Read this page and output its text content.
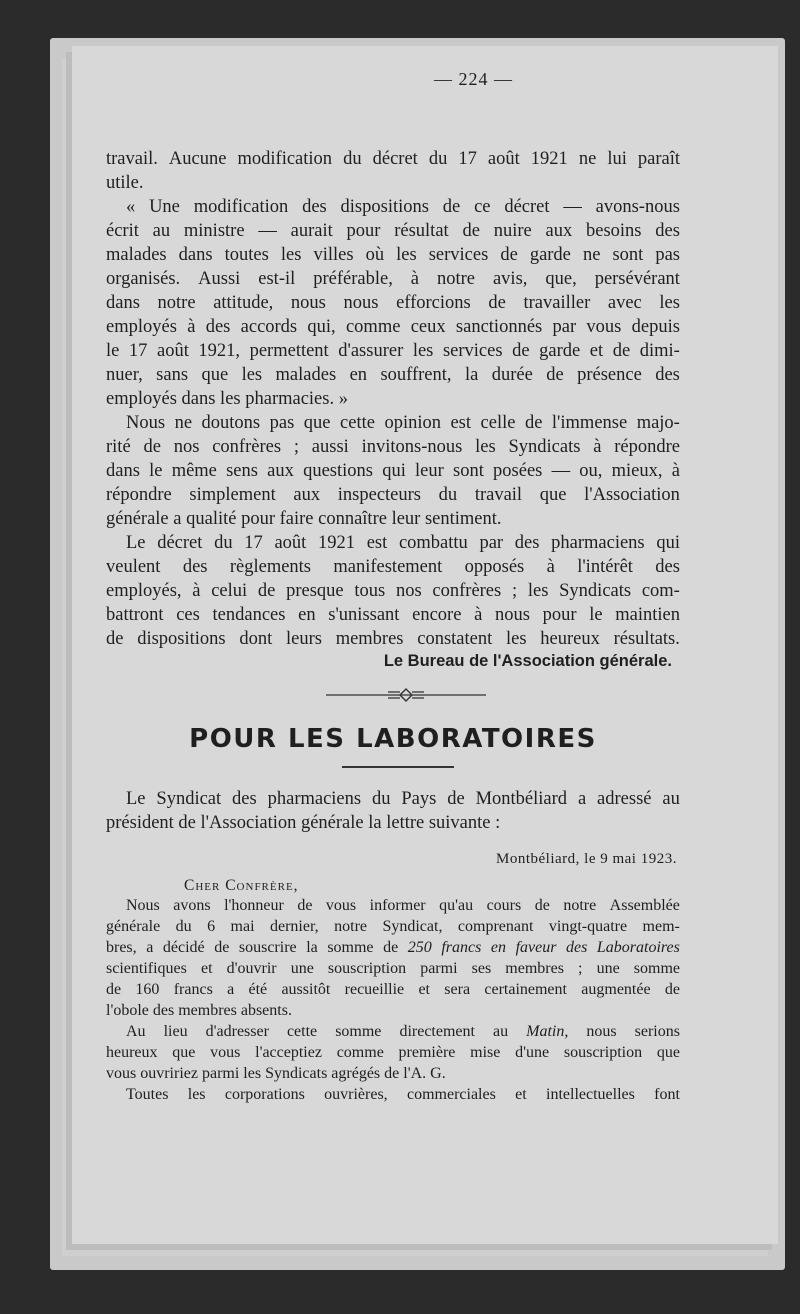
— 224 —
travail. Aucune modification du décret du 17 août 1921 ne lui paraît
utile.
« Une modification des dispositions de ce décret — avons-nous
écrit au ministre — aurait pour résultat de nuire aux besoins des
malades dans toutes les villes où les services de garde ne sont pas
organisés. Aussi est-il préférable, à notre avis, que, persévérant
dans notre attitude, nous nous efforcions de travailler avec les
employés à des accords qui, comme ceux sanctionnés par vous depuis
le 17 août 1921, permettent d'assurer les services de garde et de dimi-
nuer, sans que les malades en souffrent, la durée de présence des
employés dans les pharmacies. »
Nous ne doutons pas que cette opinion est celle de l'immense majo-
rité de nos confrères ; aussi invitons-nous les Syndicats à répondre
dans le même sens aux questions qui leur sont posées — ou, mieux, à
répondre simplement aux inspecteurs du travail que l'Association
générale a qualité pour faire connaître leur sentiment.
Le décret du 17 août 1921 est combattu par des pharmaciens qui
veulent des règlements manifestement opposés à l'intérêt des
employés, à celui de presque tous nos confrères ; les Syndicats com-
battront ces tendances en s'unissant encore à nous pour le maintien
de dispositions dont leurs membres constatent les heureux résultats.
Le Bureau de l'Association générale.
POUR LES LABORATOIRES
Le Syndicat des pharmaciens du Pays de Montbéliard a adressé au
président de l'Association générale la lettre suivante :
Montbéliard, le 9 mai 1923.
Cher Confrère,
Nous avons l'honneur de vous informer qu'au cours de notre Assemblée
générale du 6 mai dernier, notre Syndicat, comprenant vingt-quatre mem-
bres, a décidé de souscrire la somme de 250 francs en faveur des Laboratoires
scientifiques et d'ouvrir une souscription parmi ses membres ; une somme
de 160 francs a été aussitôt recueillie et sera certainement augmentée de
l'obole des membres absents.
Au lieu d'adresser cette somme directement au Matin, nous serions
heureux que vous l'acceptiez comme première mise d'une souscription que
vous ouvririez parmi les Syndicats agrégés de l'A. G.
Toutes les corporations ouvrières, commerciales et intellectuelles font
